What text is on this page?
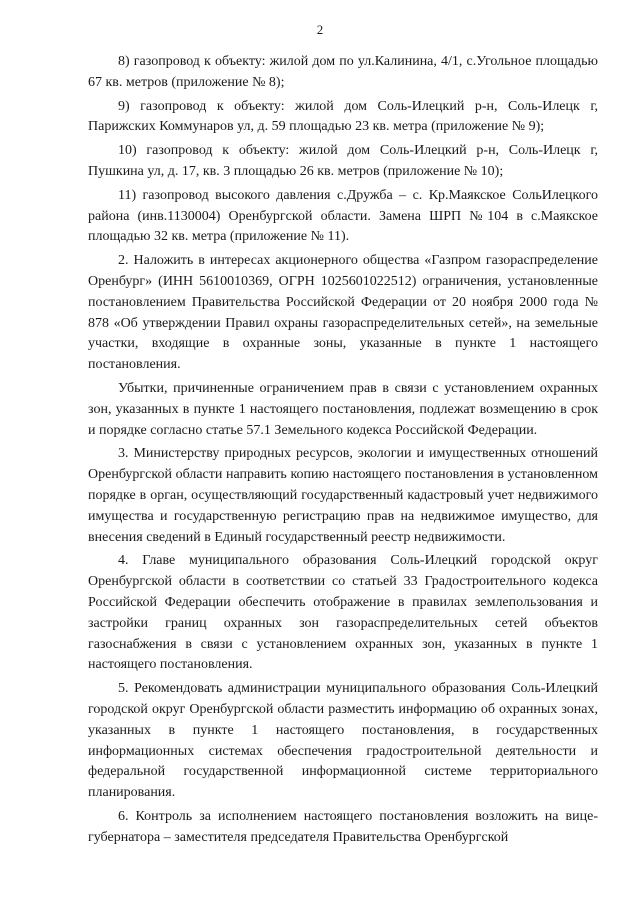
2

8) газопровод к объекту: жилой дом по ул.Калинина, 4/1, с.Угольное площадью 67 кв. метров (приложение № 8);

9) газопровод к объекту: жилой дом Соль-Илецкий р-н, Соль-Илецк г, Парижских Коммунаров ул, д. 59 площадью 23 кв. метра (приложение № 9);

10) газопровод к объекту: жилой дом Соль-Илецкий р-н, Соль-Илецк г, Пушкина ул, д. 17, кв. 3 площадью 26 кв. метров (приложение № 10);

11) газопровод высокого давления с.Дружба – с. Кр.Маякское СольИлецкого района (инв.1130004) Оренбургской области. Замена ШРП №104 в с.Маякское площадью 32 кв. метра (приложение № 11).

2. Наложить в интересах акционерного общества «Газпром газораспределение Оренбург» (ИНН 5610010369, ОГРН 1025601022512) ограничения, установленные постановлением Правительства Российской Федерации от 20 ноября 2000 года № 878 «Об утверждении Правил охраны газораспределительных сетей», на земельные участки, входящие в охранные зоны, указанные в пункте 1 настоящего постановления.

Убытки, причиненные ограничением прав в связи с установлением охранных зон, указанных в пункте 1 настоящего постановления, подлежат возмещению в срок и порядке согласно статье 57.1 Земельного кодекса Российской Федерации.

3. Министерству природных ресурсов, экологии и имущественных отношений Оренбургской области направить копию настоящего постановления в установленном порядке в орган, осуществляющий государственный кадастровый учет недвижимого имущества и государственную регистрацию прав на недвижимое имущество, для внесения сведений в Единый государственный реестр недвижимости.

4. Главе муниципального образования Соль-Илецкий городской округ Оренбургской области в соответствии со статьей 33 Градостроительного кодекса Российской Федерации обеспечить отображение в правилах землепользования и застройки границ охранных зон газораспределительных сетей объектов газоснабжения в связи с установлением охранных зон, указанных в пункте 1 настоящего постановления.

5. Рекомендовать администрации муниципального образования Соль-Илецкий городской округ Оренбургской области разместить информацию об охранных зонах, указанных в пункте 1 настоящего постановления, в государственных информационных системах обеспечения градостроительной деятельности и федеральной государственной информационной системе территориального планирования.

6. Контроль за исполнением настоящего постановления возложить на вице-губернатора – заместителя председателя Правительства Оренбургской
